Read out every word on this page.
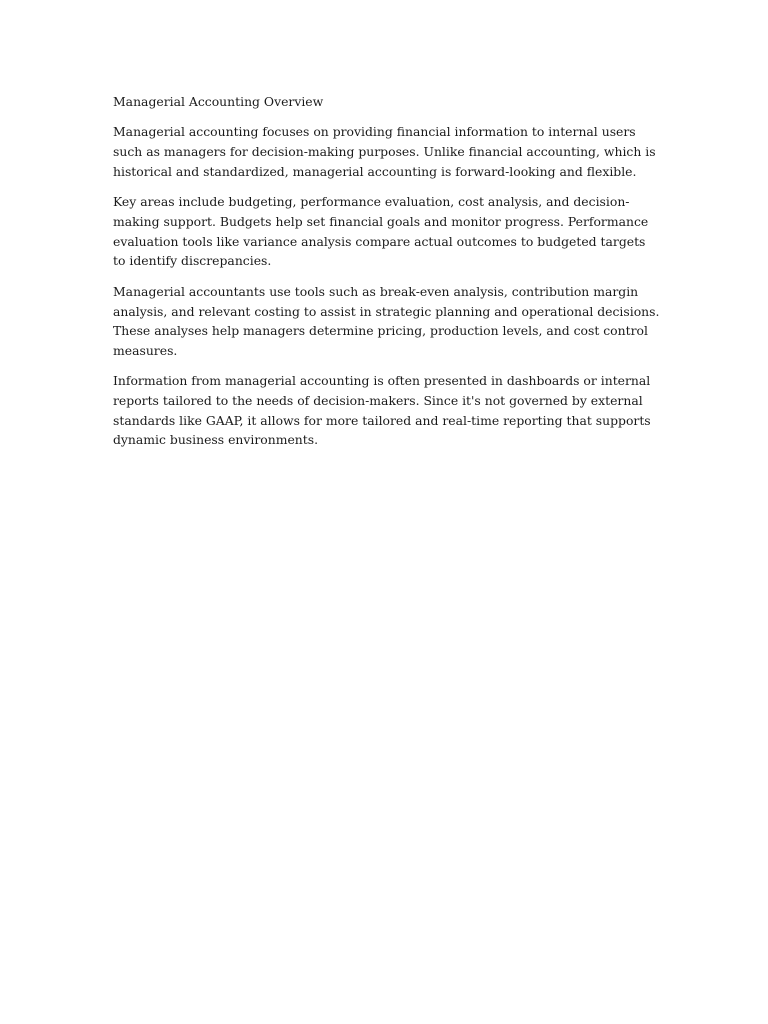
Managerial Accounting Overview

Managerial accounting focuses on providing financial information to internal users such as managers for decision-making purposes. Unlike financial accounting, which is historical and standardized, managerial accounting is forward-looking and flexible.

Key areas include budgeting, performance evaluation, cost analysis, and decision-making support. Budgets help set financial goals and monitor progress. Performance evaluation tools like variance analysis compare actual outcomes to budgeted targets to identify discrepancies.

Managerial accountants use tools such as break-even analysis, contribution margin analysis, and relevant costing to assist in strategic planning and operational decisions. These analyses help managers determine pricing, production levels, and cost control measures.

Information from managerial accounting is often presented in dashboards or internal reports tailored to the needs of decision-makers. Since it's not governed by external standards like GAAP, it allows for more tailored and real-time reporting that supports dynamic business environments.
